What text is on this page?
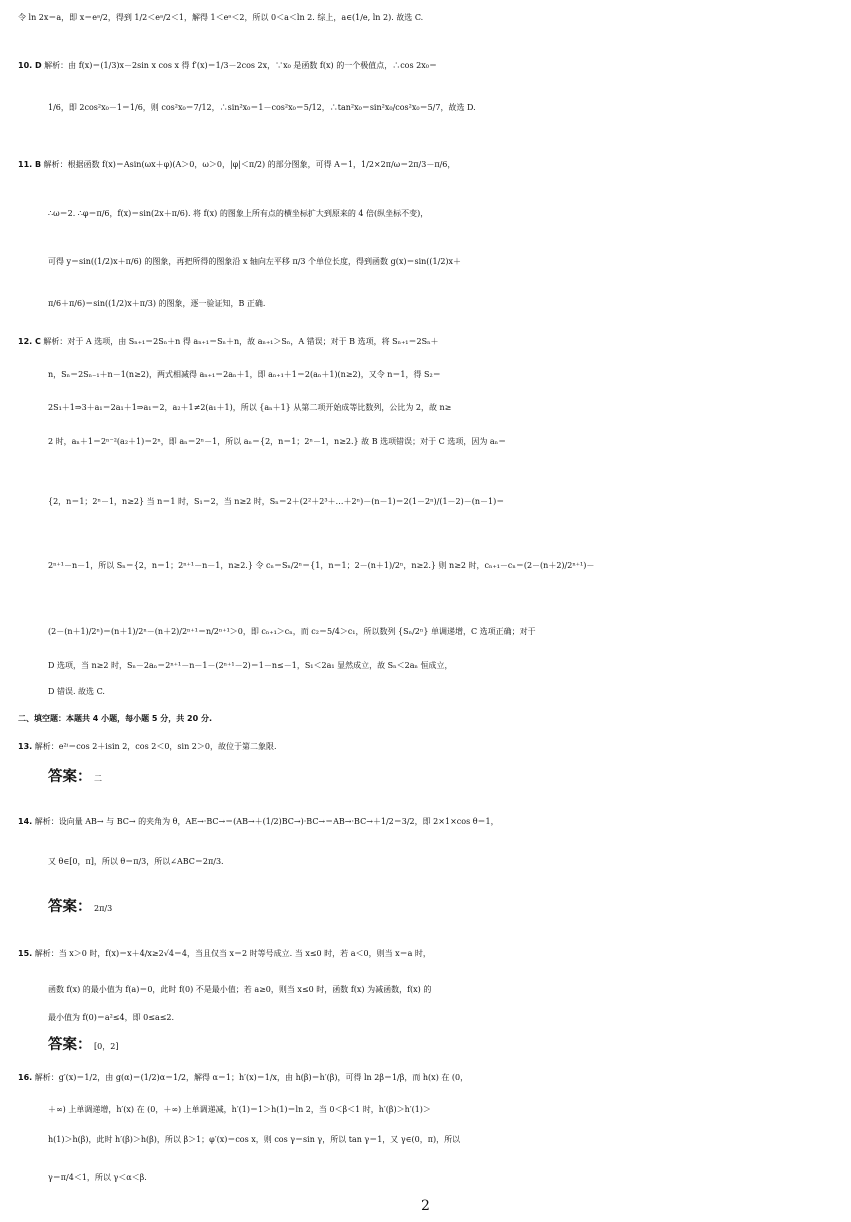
令 ln 2x＝a，即 x＝eᵃ/2，得到 1/2＜eᵃ/2＜1，解得 1＜eᵃ＜2，所以 0＜a＜ln 2. 综上，a∈(1/e, ln 2). 故选 C.
10. D 解析：由 f(x)＝(1/3)x－2sin x cos x 得 f′(x)＝1/3－2cos 2x，∵x₀ 是函数 f(x) 的一个极值点，∴cos 2x₀＝
1/6，即 2cos²x₀－1＝1/6，则 cos²x₀＝7/12，∴sin²x₀＝1－cos²x₀＝5/12，∴tan²x₀＝sin²x₀/cos²x₀＝5/7，故选 D.
11. B 解析：根据函数 f(x)＝Asin(ωx＋φ)(A＞0，ω＞0，|φ|＜π/2) 的部分图象，可得 A＝1，1/2×2π/ω＝2π/3－π/6，
∴ω＝2. ∴φ＝π/6，f(x)＝sin(2x＋π/6). 将 f(x) 的图象上所有点的横坐标扩大到原来的 4 倍(纵坐标不变)，
可得 y＝sin((1/2)x＋π/6) 的图象，再把所得的图象沿 x 轴向左平移 π/3 个单位长度，得到函数 g(x)＝sin((1/2)x＋
π/6＋π/6)＝sin((1/2)x＋π/3) 的图象，逐一验证知，B 正确.
12. C 解析：对于 A 选项，由 Sₙ₊₁＝2Sₙ＋n 得 aₙ₊₁＝Sₙ＋n，故 aₙ₊₁＞Sₙ，A 错误；对于 B 选项，将 Sₙ₊₁＝2Sₙ＋
n，Sₙ＝2Sₙ₋₁＋n－1(n≥2)，两式相减得 aₙ₊₁＝2aₙ＋1，即 aₙ₊₁＋1＝2(aₙ＋1)(n≥2)，又令 n＝1，得 S₂＝
2S₁＋1⇒3＋a₁＝2a₁＋1⇒a₁＝2，a₂＋1≠2(a₁＋1)，所以 {aₙ＋1} 从第二项开始成等比数列，公比为 2，故 n≥
2 时，aₙ＋1＝2ⁿ⁻²(a₂＋1)＝2ⁿ，即 aₙ＝2ⁿ－1，所以 aₙ＝{2，n＝1；2ⁿ－1，n≥2.} 故 B 选项错误；对于 C 选项，因为 aₙ＝
{2，n＝1；2ⁿ－1，n≥2} 当 n＝1 时，S₁＝2，当 n≥2 时，Sₙ＝2＋(2²＋2³＋…＋2ⁿ)－(n－1)＝2(1－2ⁿ)/(1－2)－(n－1)＝
2ⁿ⁺¹－n－1，所以 Sₙ＝{2，n＝1；2ⁿ⁺¹－n－1，n≥2.} 令 cₙ＝Sₙ/2ⁿ＝{1，n＝1；2－(n＋1)/2ⁿ，n≥2.} 则 n≥2 时，cₙ₊₁－cₙ＝(2－(n＋2)/2ⁿ⁺¹)－
(2－(n＋1)/2ⁿ)＝(n＋1)/2ⁿ－(n＋2)/2ⁿ⁺¹＝n/2ⁿ⁺¹＞0，即 cₙ₊₁＞cₙ，而 c₂＝5/4＞c₁，所以数列 {Sₙ/2ⁿ} 单调递增，C 选项正确；对于
D 选项，当 n≥2 时，Sₙ－2aₙ＝2ⁿ⁺¹－n－1－(2ⁿ⁺¹－2)＝1－n≤－1，S₁＜2a₁ 显然成立，故 Sₙ＜2aₙ 恒成立，
D 错误. 故选 C.
二、填空题：本题共 4 小题，每小题 5 分，共 20 分.
13. 解析：e²ⁱ＝cos 2＋isin 2，cos 2＜0，sin 2＞0，故位于第二象限.
答案： 二
14. 解析：设向量 AB→ 与 BC→ 的夹角为 θ，AE→·BC→＝(AB→＋(1/2)BC→)·BC→＝AB→·BC→＋1/2＝3/2，即 2×1×cos θ＝1，
又 θ∈[0，π]，所以 θ＝π/3，所以∠ABC＝2π/3.
答案： 2π/3
15. 解析：当 x＞0 时，f(x)＝x＋4/x≥2√4＝4，当且仅当 x＝2 时等号成立. 当 x≤0 时，若 a＜0，则当 x＝a 时，
函数 f(x) 的最小值为 f(a)＝0，此时 f(0) 不是最小值；若 a≥0，则当 x≤0 时，函数 f(x) 为减函数，f(x) 的
最小值为 f(0)＝a²≤4，即 0≤a≤2.
答案： [0，2]
16. 解析：g′(x)＝1/2，由 g(α)＝(1/2)α＝1/2，解得 α＝1；h′(x)＝1/x，由 h(β)＝h′(β)，可得 ln 2β＝1/β，而 h(x) 在 (0，
＋∞) 上单调递增，h′(x) 在 (0，＋∞) 上单调递减，h′(1)＝1＞h(1)＝ln 2，当 0＜β＜1 时，h′(β)＞h′(1)＞
h(1)＞h(β)，此时 h′(β)＞h(β)，所以 β＞1；φ′(x)＝cos x，则 cos γ＝sin γ，所以 tan γ＝1，又 γ∈(0，π)，所以
γ＝π/4＜1，所以 γ＜α＜β.
2
